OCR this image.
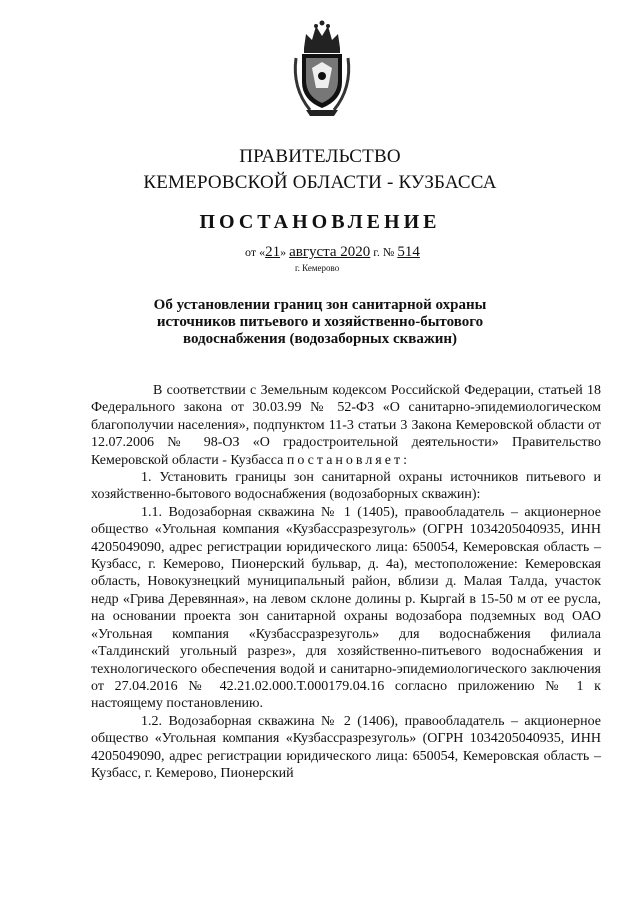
ПРАВИТЕЛЬСТВО
КЕМЕРОВСКОЙ ОБЛАСТИ - КУЗБАССА
ПОСТАНОВЛЕНИЕ
от «21» августа 2020 г. № 514
г. Кемерово
Об установлении границ зон санитарной охраны источников питьевого и хозяйственно-бытового водоснабжения (водозаборных скважин)

В соответствии с Земельным кодексом Российской Федерации, статьей 18 Федерального закона от 30.03.99 № 52-ФЗ «О санитарно-эпидемиологическом благополучии населения», подпунктом 11-3 статьи 3 Закона Кемеровской области от 12.07.2006 № 98-ОЗ «О градостроительной деятельности» Правительство Кемеровской области - Кузбасса постановляет:

1. Установить границы зон санитарной охраны источников питьевого и хозяйственно-бытового водоснабжения (водозаборных скважин):

1.1. Водозаборная скважина № 1 (1405), правообладатель – акционерное общество «Угольная компания «Кузбассразрезуголь» (ОГРН 1034205040935, ИНН 4205049090, адрес регистрации юридического лица: 650054, Кемеровская область – Кузбасс, г. Кемерово, Пионерский бульвар, д. 4а), местоположение: Кемеровская область, Новокузнецкий муниципальный район, вблизи д. Малая Талда, участок недр «Грива Деревянная», на левом склоне долины р. Кыргай в 15-50 м от ее русла, на основании проекта зон санитарной охраны водозабора подземных вод ОАО «Угольная компания «Кузбассразрезуголь» для водоснабжения филиала «Талдинский угольный разрез», для хозяйственно-питьевого водоснабжения и технологического обеспечения водой и санитарно-эпидемиологического заключения от 27.04.2016 № 42.21.02.000.Т.000179.04.16 согласно приложению № 1 к настоящему постановлению.

1.2. Водозаборная скважина № 2 (1406), правообладатель – акционерное общество «Угольная компания «Кузбассразрезуголь» (ОГРН 1034205040935, ИНН 4205049090, адрес регистрации юридического лица: 650054, Кемеровская область – Кузбасс, г. Кемерово, Пионерский
